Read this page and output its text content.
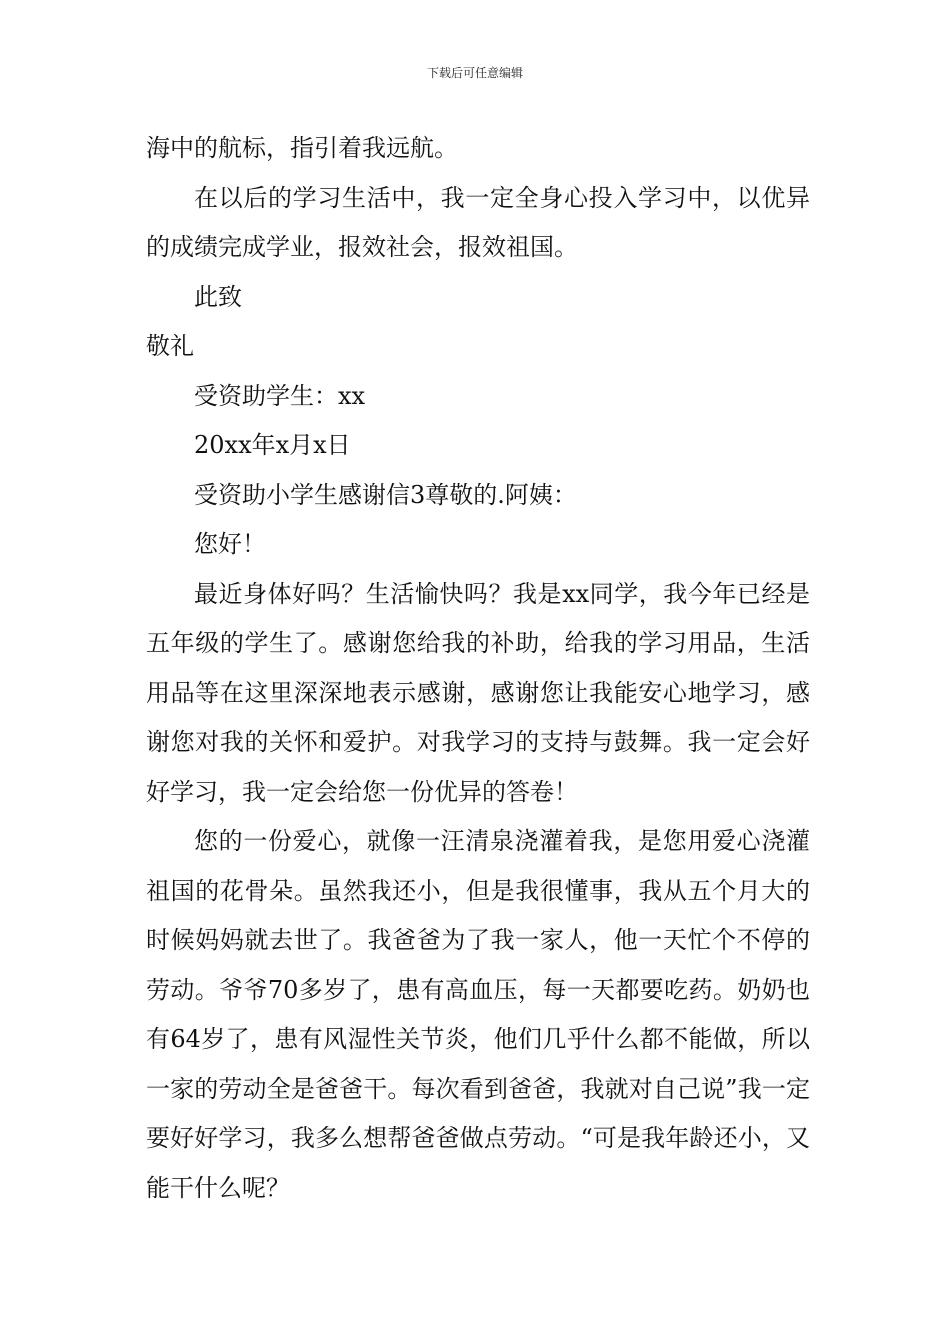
下载后可任意编辑

海中的航标，指引着我远航。

在以后的学习生活中，我一定全身心投入学习中，以优异的成绩完成学业，报效社会，报效祖国。

此致

敬礼

受资助学生：xx

20xx年x月x日

受资助小学生感谢信3尊敬的.阿姨：

您好！

最近身体好吗？生活愉快吗？我是xx同学，我今年已经是五年级的学生了。感谢您给我的补助，给我的学习用品，生活用品等在这里深深地表示感谢，感谢您让我能安心地学习，感谢您对我的关怀和爱护。对我学习的支持与鼓舞。我一定会好好学习，我一定会给您一份优异的答卷！

您的一份爱心，就像一汪清泉浇灌着我，是您用爱心浇灌祖国的花骨朵。虽然我还小，但是我很懂事，我从五个月大的时候妈妈就去世了。我爸爸为了我一家人，他一天忙个不停的劳动。爷爷70多岁了，患有高血压，每一天都要吃药。奶奶也有64岁了，患有风湿性关节炎，他们几乎什么都不能做，所以一家的劳动全是爸爸干。每次看到爸爸，我就对自己说”我一定要好好学习，我多么想帮爸爸做点劳动。“可是我年龄还小，又能干什么呢？
